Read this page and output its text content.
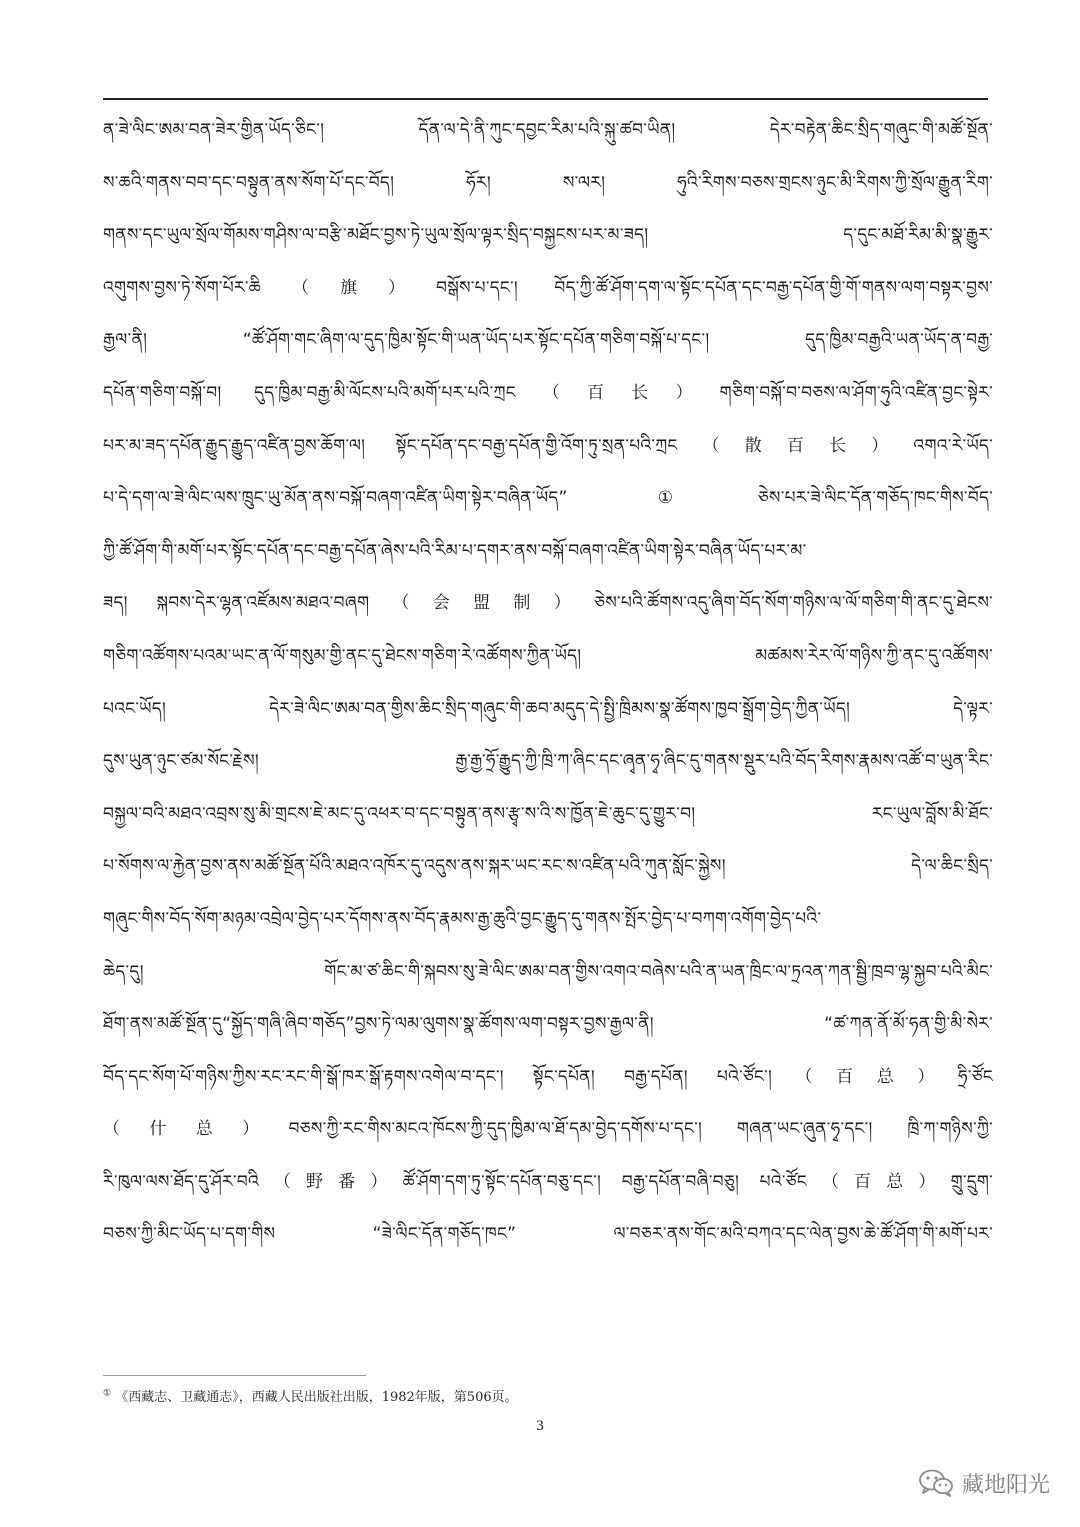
ན་ཟེ་ལིང་ཨམ་བན་ཟེར་གྱིན་ཡོད་ཅིང་། དོན་ལ་དེ་ནི་ཀུང་དབྱང་རིམ་པའི་སྐུ་ཚབ་ཡིན། དེར་བརྟེན་ཆིང་སྲིད་གཞུང་གི་མཚོ་སྔོན་
ས་ཆའི་གནས་བབ་དང་བསྟུན་ནས་སོག་པོ་དང་བོད། ཧོར། ས་ལར། ཧུའི་རིགས་བཅས་གྲངས་ཉུང་མི་རིགས་ཀྱི་སྲོལ་རྒྱུན་རིག་
གནས་དང་ཡུལ་སྲོལ་གོམས་གཤིས་ལ་བརྩི་མཐོང་བྱས་ཏེ་ཡུལ་སྲོལ་ལྟར་སྲིད་བསྐྱངས་པར་མ་ཟད། ད་དུང་མཐོ་རིམ་མི་སྣ་རྒྱུར་
འགུགས་བྱས་ཏེ་སོག་པོར་ཆི（旗）བསྒོས་པ་དང་། བོད་ཀྱི་ཚོ་ཤོག་དག་ལ་སྟོང་དཔོན་དང་བརྒྱ་དཔོན་གྱི་གོ་གནས་ལག་བསྟར་བྱས་
རྒྱལ་ནི། “ཚོ་ཤོག་གང་ཞིག་ལ་དུད་ཁྱིམ་སྟོང་གི་ཡན་ཡོད་པར་སྟོང་དཔོན་གཅིག་བསྐོ་པ་དང་། དུད་ཁྱིམ་བརྒྱའི་ཡན་ཡོད་ན་བརྒྱ་
དཔོན་གཅིག་བསྐོ་བ། དུད་ཁྱིམ་བརྒྱ་མི་ལོངས་པའི་མགོ་པར་པའི་ཀྲང（百长）གཅིག་བསྐོ་བ་བཅས་ལ་ཤོག་ཧུའི་འཛིན་བྱང་སྟེར་
པར་མ་ཟད་དཔོན་རྒྱུད་རྒྱུད་འཛིན་བྱས་ཆོག་ལ། སྟོང་དཔོན་དང་བརྒྱ་དཔོན་གྱི་འོག་ཏུ་སྲན་པའི་ཀྲང（散百长）འགའ་རེ་ཡོད་
པ་དེ་དག་ལ་ཟེ་ལིང་ལས་ཁྲུང་ཡུ་མོན་ནས་བསྐོ་བཞག་འཛིན་ཡིག་སྟེར་བཞིན་ཡོད” ①ཅེས་པར་ཟེ་ལིང་དོན་གཅོད་ཁང་གིས་བོད་
ཀྱི་ཚོ་ཤོག་གི་མགོ་པར་སྟོང་དཔོན་དང་བརྒྱ་དཔོན་ཞེས་པའི་རིམ་པ་དགར་ནས་བསྐོ་བཞག་འཛིན་ཡིག་སྟེར་བཞིན་ཡོད་པར་མ་
ཟད། སྐབས་དེར་ལྷན་འཛོམས་མཐའ་བཞག（会盟制）ཅེས་པའི་ཚོགས་འདུ་ཞིག་བོད་སོག་གཉིས་ལ་ལོ་གཅིག་གི་ནང་དུ་ཐེངས་
གཅིག་འཚོགས་པའམ་ཡང་ན་ལོ་གསུམ་གྱི་ནང་དུ་ཐེངས་གཅིག་རེ་འཚོགས་ཀྱིན་ཡོད། མཚམས་རེར་ལོ་གཉིས་ཀྱི་ནང་དུ་འཚོགས་
པའང་ཡོད། དེར་ཟེ་ལིང་ཨམ་བན་གྱིས་ཆིང་སྲིད་གཞུང་གི་ཆབ་མདུད་དེ་སྤྱི་ཁྲིམས་སྣ་ཚོགས་ཁྱབ་སྒྲོག་བྱེད་ཀྱིན་ཡོད། དེ་ལྟར་
དུས་ཡུན་ཉུང་ཙམ་སོང་རྗེས། རྒྱ་རྒྱ་ཧྲོ་རྒྱུད་ཀྱི་ཁྲི་ཀ་ཞིང་དང་ཞྭན་ཧྭ་ཞིང་དུ་གནས་སྡུར་པའི་བོད་རིགས་རྣམས་འཚོ་བ་ཡུན་རིང་
བསྐྱལ་བའི་མཐའ་འབྲས་སུ་མི་གྲངས་ཇེ་མང་དུ་འཕར་བ་དང་བསྟུན་ནས་རྩྭ་ས་འི་ས་ཁྱོན་ཇེ་ཆུང་དུ་གྱུར་བ། རང་ཡུལ་བློས་མི་ཐོང་
པ་སོགས་ལ་རྐྱེན་བྱས་ནས་མཚོ་སྔོན་པོའི་མཐའ་འཁོར་དུ་འདུས་ནས་སྐར་ཡང་རང་ས་འཛིན་པའི་ཀུན་སློང་སྐྱེས། དེ་ལ་ཆིང་སྲིད་
གཞུང་གིས་བོད་སོག་མཉམ་འབྲེལ་བྱེད་པར་དོགས་ནས་བོད་རྣམས་རྒྱ་ཆུའི་བྱང་རྒྱུད་དུ་གནས་སྤོར་བྱེད་པ་བཀག་འགོག་བྱེད་པའི་
ཆེད་དུ། གོང་མ་ཙ་ཆིང་གི་སྐབས་སུ་ཟེ་ལིང་ཨམ་བན་གྱིས་འགའ་བཞེས་པའི་ན་ཡན་ཁྲིང་ལ་ཏྲའན་ཀན་སྦྱི་ཁྲབ་ལྷ་སྐྱབ་པའི་མིང་
ཐོག་ནས་མཚོ་སྔོན་དུ“སྐྱོད་གཞི་ཞིབ་གཅོད”བྱས་ཏེ་ལམ་ལུགས་སྣ་ཚོགས་ལག་བསྟར་བྱས་རྒྱལ་ནི། “ཚ་ཀན་ནོ་མོ་ཧན་གྱི་མི་སེར་
བོད་དང་སོག་པོ་གཉིས་ཀྱིས་རང་རང་གི་སྒོ་ཁར་སྒོ་རྟགས་འགེལ་བ་དང་། སྟོང་དཔོན། བརྒྱ་དཔོན། པའེ་ཙོང་།（百总）ཧྲི་ཙོང
（什总）བཅས་ཀྱི་རང་གིས་མངའ་ཁོངས་ཀྱི་དུད་ཁྱིམ་ལ་ཐོ་དམ་བྱེད་དགོས་པ་དང་། གཞན་ཡང་ཞུན་ཧྭ་དང་། ཁྲི་ཀ་གཉིས་ཀྱི་
རི་ཁུལ་ལས་ཐོད་དུ་ཤོར་བའི（野番）ཚོ་ཤོག་དག་ཏུ་སྟོང་དཔོན་བཅུ་དང་། བརྒྱ་དཔོན་བཞི་བཅུ། པའེ་ཙོང（百总）གྲུ་དྲུག་
བཅས་ཀྱི་མིང་ཡོད་པ་དག་གིས “ཟེ་ལིང་དོན་གཅོད་ཁང” ལ་བཅར་ནས་གོང་མའི་བཀའ་དང་ལེན་བྱས་ཆེ་ཚོ་ཤོག་གི་མགོ་པར་
① 《西藏志、卫藏通志》，西藏人民出版社出版，1982年版，第506页。
3
藏地阳光
